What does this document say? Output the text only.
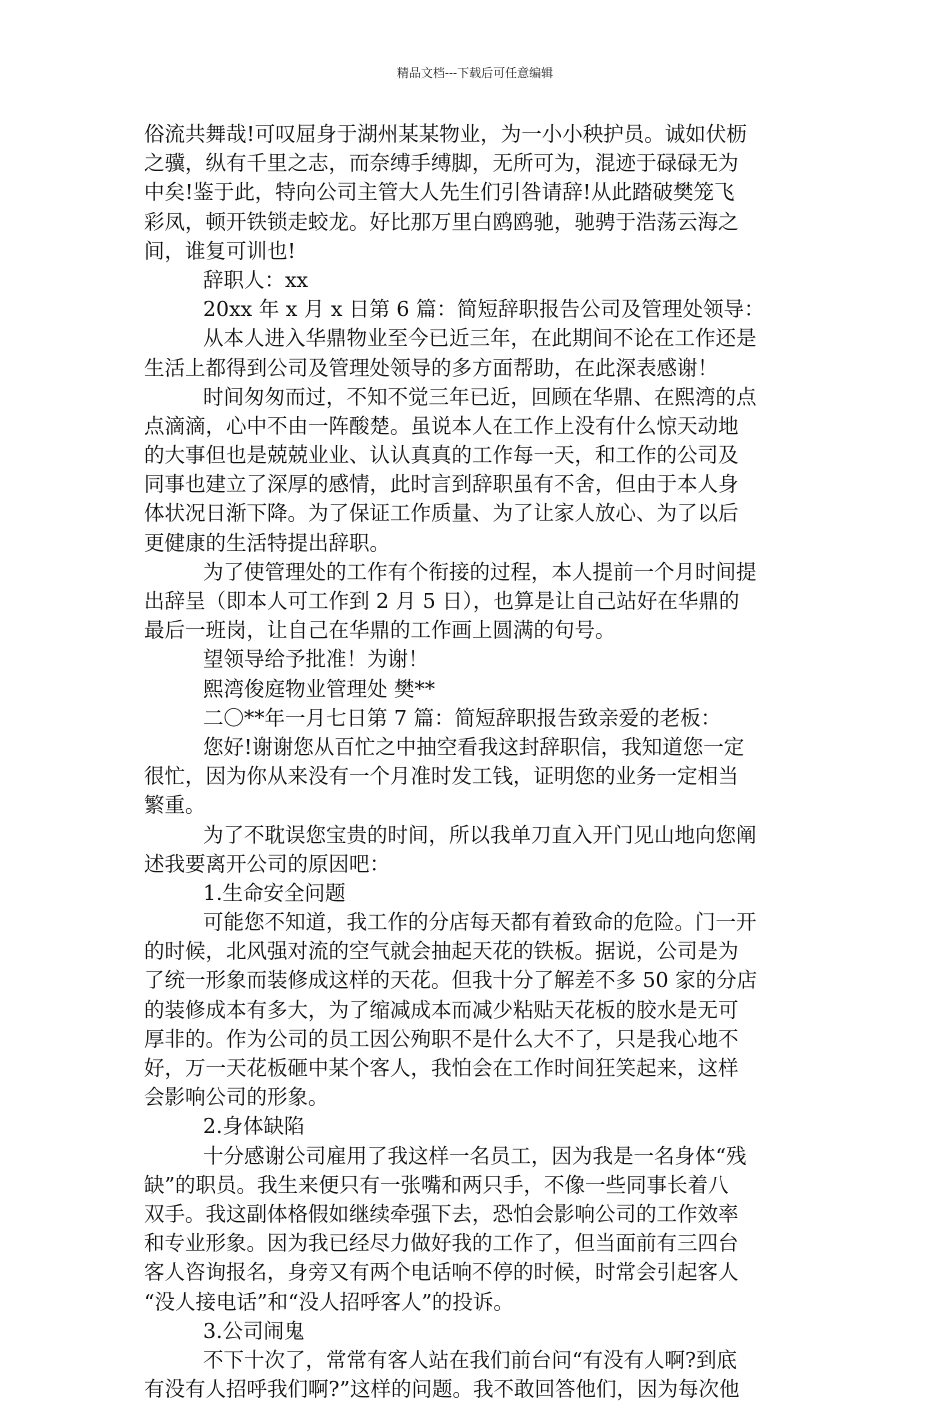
精品文档---下载后可任意编辑
俗流共舞哉!可叹屈身于湖州某某物业，为一小小秧护员。诚如伏枥
之骥，纵有千里之志，而奈缚手缚脚，无所可为，混迹于碌碌无为
中矣!鉴于此，特向公司主管大人先生们引咎请辞!从此踏破樊笼飞
彩凤，顿开铁锁走蛟龙。好比那万里白鸥鸥驰，驰骋于浩荡云海之
间，谁复可训也!
辞职人：xx
20xx 年 x 月 x 日第 6 篇：简短辞职报告公司及管理处领导：
从本人进入华鼎物业至今已近三年，在此期间不论在工作还是
生活上都得到公司及管理处领导的多方面帮助，在此深表感谢！
时间匆匆而过，不知不觉三年已近，回顾在华鼎、在熙湾的点
点滴滴，心中不由一阵酸楚。虽说本人在工作上没有什么惊天动地
的大事但也是兢兢业业、认认真真的工作每一天，和工作的公司及
同事也建立了深厚的感情，此时言到辞职虽有不舍，但由于本人身
体状况日渐下降。为了保证工作质量、为了让家人放心、为了以后
更健康的生活特提出辞职。
为了使管理处的工作有个衔接的过程，本人提前一个月时间提
出辞呈（即本人可工作到 2 月 5 日），也算是让自己站好在华鼎的
最后一班岗，让自己在华鼎的工作画上圆满的句号。
望领导给予批准！为谢！
熙湾俊庭物业管理处 樊**
二〇**年一月七日第 7 篇：简短辞职报告致亲爱的老板：
您好!谢谢您从百忙之中抽空看我这封辞职信，我知道您一定
很忙，因为你从来没有一个月准时发工钱，证明您的业务一定相当
繁重。
为了不耽误您宝贵的时间，所以我单刀直入开门见山地向您阐
述我要离开公司的原因吧：
1.生命安全问题
可能您不知道，我工作的分店每天都有着致命的危险。门一开
的时候，北风强对流的空气就会抽起天花的铁板。据说，公司是为
了统一形象而装修成这样的天花。但我十分了解差不多 50 家的分店
的装修成本有多大，为了缩减成本而减少粘贴天花板的胶水是无可
厚非的。作为公司的员工因公殉职不是什么大不了，只是我心地不
好，万一天花板砸中某个客人，我怕会在工作时间狂笑起来，这样
会影响公司的形象。
2.身体缺陷
十分感谢公司雇用了我这样一名员工，因为我是一名身体“残
缺”的职员。我生来便只有一张嘴和两只手，不像一些同事长着八
双手。我这副体格假如继续牵强下去，恐怕会影响公司的工作效率
和专业形象。因为我已经尽力做好我的工作了，但当面前有三四台
客人咨询报名，身旁又有两个电话响不停的时候，时常会引起客人
“没人接电话”和“没人招呼客人”的投诉。
3.公司闹鬼
不下十次了，常常有客人站在我们前台问“有没有人啊?到底
有没有人招呼我们啊?”这样的问题。我不敢回答他们，因为每次他
